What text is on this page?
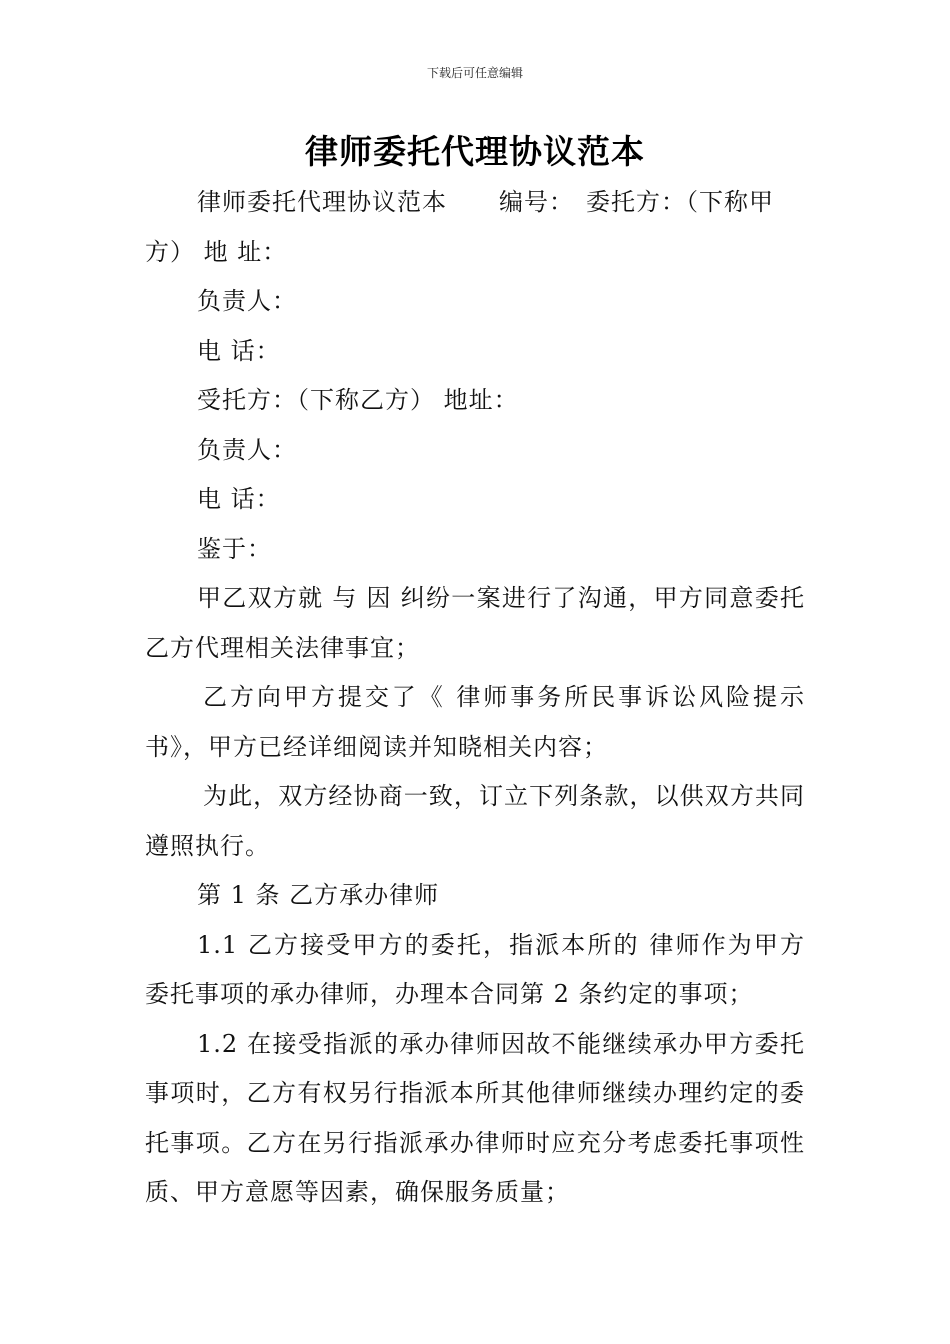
下载后可任意编辑
律师委托代理协议范本

律师委托代理协议范本 编号： 委托方：（下称甲

方） 地 址：

负责人：

电 话：

受托方：（下称乙方） 地址：

负责人：

电 话：

鉴于：

甲乙双方就 与 因 纠纷一案进行了沟通，甲方同意委托乙方代理相关法律事宜；

乙方向甲方提交了《 律师事务所民事诉讼风险提示书》，甲方已经详细阅读并知晓相关内容；

为此，双方经协商一致，订立下列条款，以供双方共同遵照执行。

第 1 条 乙方承办律师

1.1 乙方接受甲方的委托，指派本所的 律师作为甲方委托事项的承办律师，办理本合同第 2 条约定的事项；

1.2 在接受指派的承办律师因故不能继续承办甲方委托事项时，乙方有权另行指派本所其他律师继续办理约定的委托事项。乙方在另行指派承办律师时应充分考虑委托事项性质、甲方意愿等因素，确保服务质量；
